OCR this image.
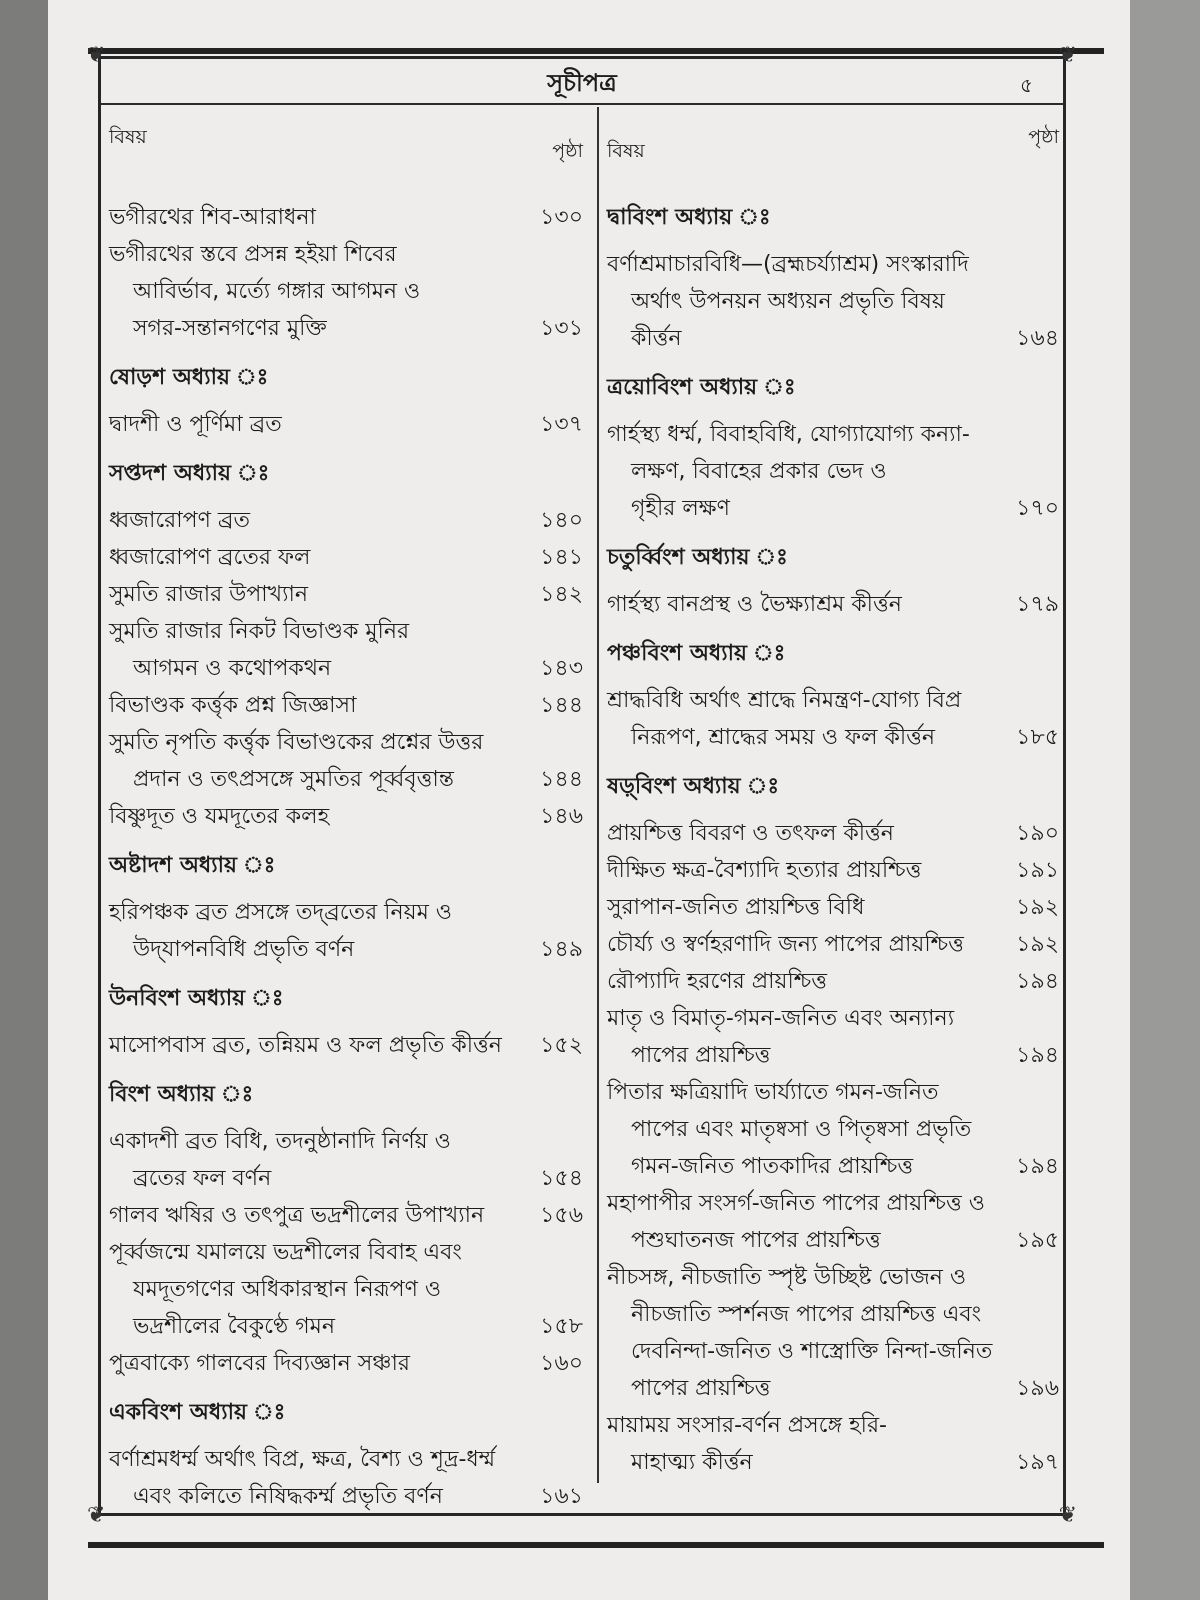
❦	❦
❦	❦
সূচীপত্র	৫
বিষয়
পৃষ্ঠা
ভগীরথের শিব-আরাধনা	১৩০
ভগীরথের স্তবে প্রসন্ন হইয়া শিবের
আবির্ভাব, মর্ত্যে গঙ্গার আগমন ও
সগর-সন্তানগণের মুক্তি	১৩১
ষোড়শ অধ্যায় ঃ
দ্বাদশী ও পূর্ণিমা ব্রত	১৩৭
সপ্তদশ অধ্যায় ঃ
ধ্বজারোপণ ব্রত	১৪০
ধ্বজারোপণ ব্রতের ফল	১৪১
সুমতি রাজার উপাখ্যান	১৪২
সুমতি রাজার নিকট বিভাণ্ডক মুনির
আগমন ও কথোপকথন	১৪৩
বিভাণ্ডক কর্ত্তৃক প্রশ্ন জিজ্ঞাসা	১৪৪
সুমতি নৃপতি কর্ত্তৃক বিভাণ্ডকের প্রশ্নের উত্তর
প্রদান ও তৎপ্রসঙ্গে সুমতির পূর্ব্ববৃত্তান্ত	১৪৪
বিষ্ণুদূত ও যমদূতের কলহ	১৪৬
অষ্টাদশ অধ্যায় ঃ
হরিপঞ্চক ব্রত প্রসঙ্গে তদ্‌ব্রতের নিয়ম ও
উদ্‌যাপনবিধি প্রভৃতি বর্ণন	১৪৯
উনবিংশ অধ্যায় ঃ
মাসোপবাস ব্রত, তন্নিয়ম ও ফল প্রভৃতি কীর্ত্তন	১৫২
বিংশ অধ্যায় ঃ
একাদশী ব্রত বিধি, তদনুষ্ঠানাদি নির্ণয় ও
ব্রতের ফল বর্ণন	১৫৪
গালব ঋষির ও তৎপুত্র ভদ্রশীলের উপাখ্যান	১৫৬
পূর্ব্বজন্মে যমালয়ে ভদ্রশীলের বিবাহ এবং
যমদূতগণের অধিকারস্থান নিরূপণ ও
ভদ্রশীলের বৈকুণ্ঠে গমন	১৫৮
পুত্রবাক্যে গালবের দিব্যজ্ঞান সঞ্চার	১৬০
একবিংশ অধ্যায় ঃ
বর্ণাশ্রমধর্ম্ম অর্থাৎ বিপ্র, ক্ষত্র, বৈশ্য ও শূদ্র-ধর্ম্ম
এবং কলিতে নিষিদ্ধকর্ম্ম প্রভৃতি বর্ণন	১৬১
বিষয়
পৃষ্ঠা
দ্বাবিংশ অধ্যায় ঃ
বর্ণাশ্রমাচারবিধি—(ব্রহ্মচর্য্যাশ্রম) সংস্কারাদি
অর্থাৎ উপনয়ন অধ্যয়ন প্রভৃতি বিষয়
কীর্ত্তন	১৬৪
ত্রয়োবিংশ অধ্যায় ঃ
গার্হস্থ্য ধর্ম্ম, বিবাহবিধি, যোগ্যাযোগ্য কন্যা-
লক্ষণ, বিবাহের প্রকার ভেদ ও
গৃহীর লক্ষণ	১৭০
চতুর্ব্বিংশ অধ্যায় ঃ
গার্হস্থ্য বানপ্রস্থ ও ভৈক্ষ্যাশ্রম কীর্ত্তন	১৭৯
পঞ্চবিংশ অধ্যায় ঃ
শ্রাদ্ধবিধি অর্থাৎ শ্রাদ্ধে নিমন্ত্রণ-যোগ্য বিপ্র
নিরূপণ, শ্রাদ্ধের সময় ও ফল কীর্ত্তন	১৮৫
ষড়্‌বিংশ অধ্যায় ঃ
প্রায়শ্চিত্ত বিবরণ ও তৎফল কীর্ত্তন	১৯০
দীক্ষিত ক্ষত্র-বৈশ্যাদি হত্যার প্রায়শ্চিত্ত	১৯১
সুরাপান-জনিত প্রায়শ্চিত্ত বিধি	১৯২
চৌর্য্য ও স্বর্ণহরণাদি জন্য পাপের প্রায়শ্চিত্ত	১৯২
রৌপ্যাদি হরণের প্রায়শ্চিত্ত	১৯৪
মাতৃ ও বিমাতৃ-গমন-জনিত এবং অন্যান্য
পাপের প্রায়শ্চিত্ত	১৯৪
পিতার ক্ষত্রিয়াদি ভার্য্যাতে গমন-জনিত
পাপের এবং মাতৃষ্বসা ও পিতৃষ্বসা প্রভৃতি
গমন-জনিত পাতকাদির প্রায়শ্চিত্ত	১৯৪
মহাপাপীর সংসর্গ-জনিত পাপের প্রায়শ্চিত্ত ও
পশুঘাতনজ পাপের প্রায়শ্চিত্ত	১৯৫
নীচসঙ্গ, নীচজাতি স্পৃষ্ট উচ্ছিষ্ট ভোজন ও
নীচজাতি স্পর্শনজ পাপের প্রায়শ্চিত্ত এবং
দেবনিন্দা-জনিত ও শাস্ত্রোক্তি নিন্দা-জনিত
পাপের প্রায়শ্চিত্ত	১৯৬
মায়াময় সংসার-বর্ণন প্রসঙ্গে হরি-
মাহাত্ম্য কীর্ত্তন	১৯৭
